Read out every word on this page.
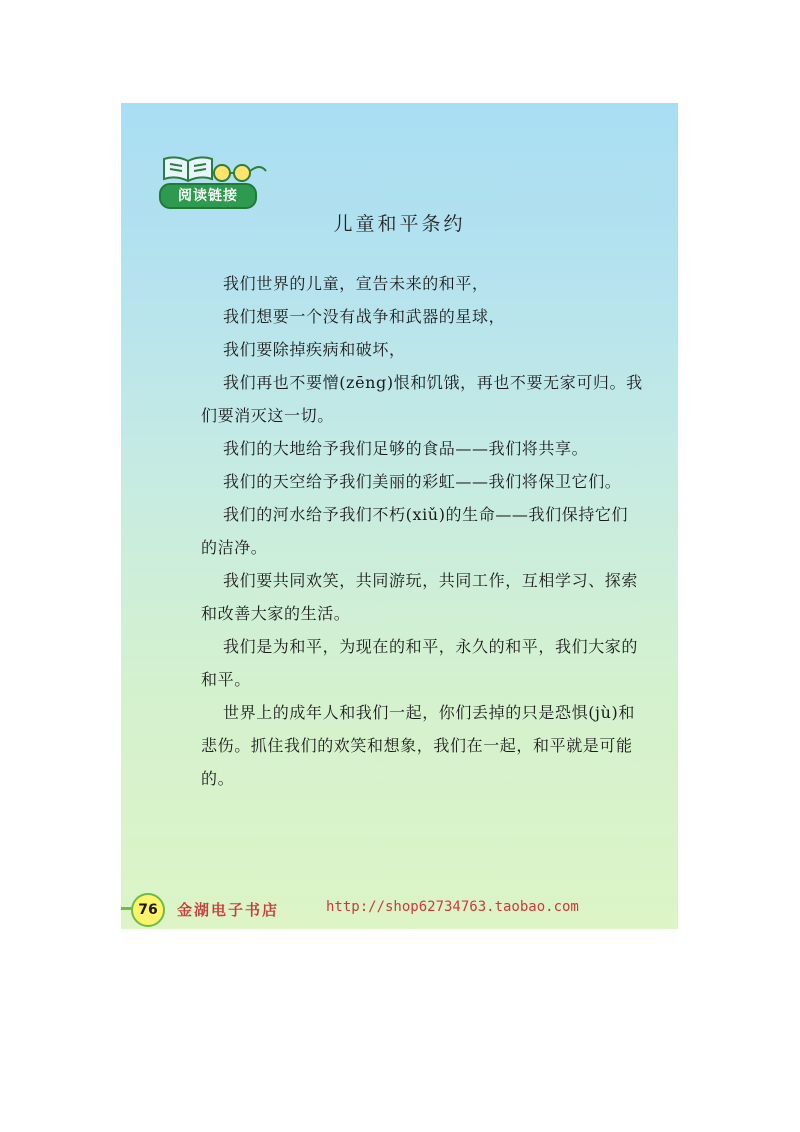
阅读链接
儿童和平条约

我们世界的儿童，宣告未来的和平，

我们想要一个没有战争和武器的星球，

我们要除掉疾病和破坏，

我们再也不要憎(zēng)恨和饥饿，再也不要无家可归。我们要消灭这一切。

我们的大地给予我们足够的食品——我们将共享。

我们的天空给予我们美丽的彩虹——我们将保卫它们。

我们的河水给予我们不朽(xiǔ)的生命——我们保持它们的洁净。

我们要共同欢笑，共同游玩，共同工作，互相学习、探索和改善大家的生活。

我们是为和平，为现在的和平，永久的和平，我们大家的和平。

世界上的成年人和我们一起，你们丢掉的只是恐惧(jù)和悲伤。抓住我们的欢笑和想象，我们在一起，和平就是可能的。

76	金湖电子书店	http://shop62734763.taobao.com
